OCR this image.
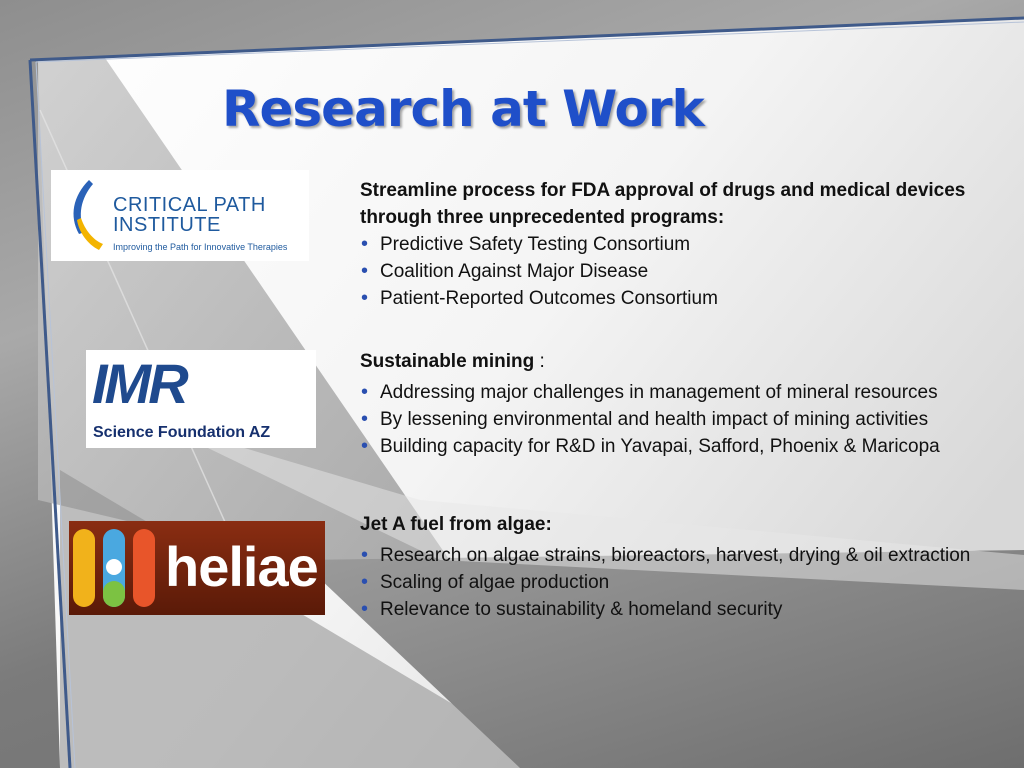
Research at Work
CRITICAL PATH
INSTITUTE
Improving the Path for Innovative Therapies
IMR
Science Foundation AZ
heliae
Streamline process for FDA approval of drugs and medical devices through three unprecedented programs:
• Predictive Safety Testing Consortium
• Coalition Against Major Disease
• Patient-Reported Outcomes Consortium
Sustainable mining :
• Addressing major challenges in management of mineral resources
• By lessening environmental and health impact of mining activities
• Building capacity for R&D in Yavapai, Safford, Phoenix & Maricopa
Jet A fuel from algae:
• Research on algae strains, bioreactors, harvest, drying & oil extraction
• Scaling of algae production
• Relevance to sustainability & homeland security
